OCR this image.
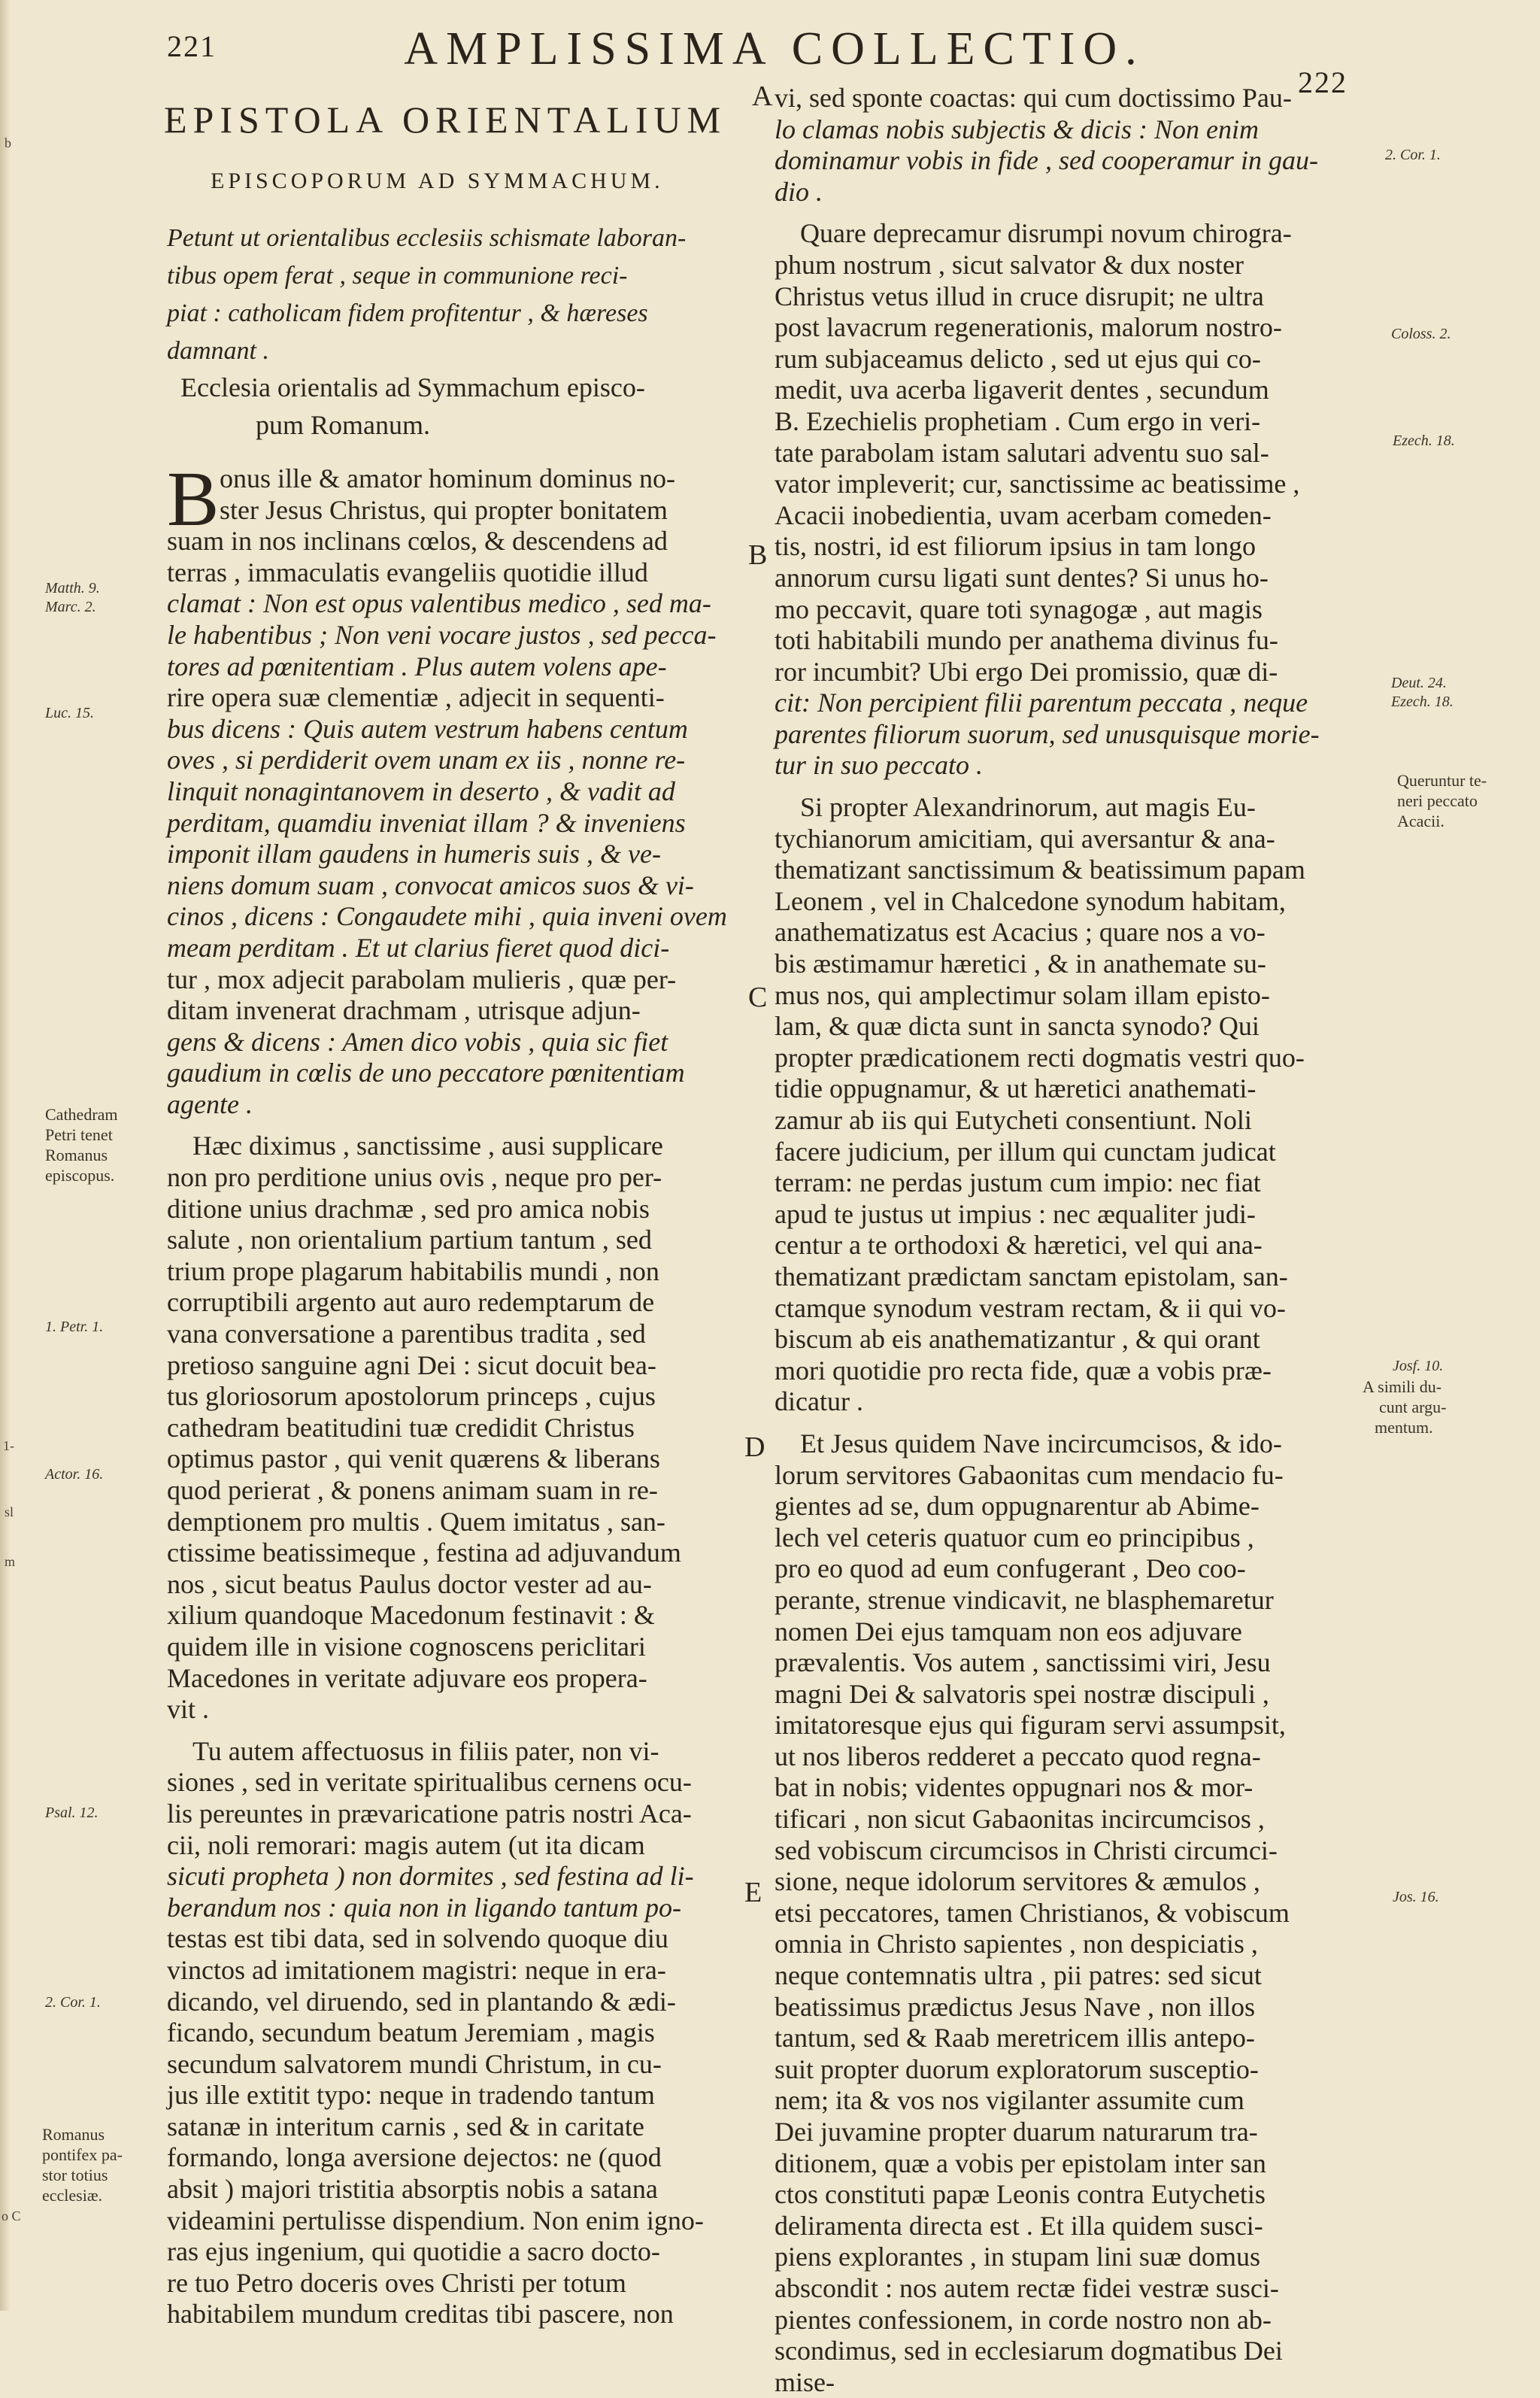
221	AMPLISSIMA COLLECTIO.
222
EPISTOLA ORIENTALIUM
EPISCOPORUM AD SYMMACHUM.

Petunt ut orientalibus ecclesiis schismate laboran-

tibus opem ferat , seque in communione reci-

piat : catholicam fidem profitentur , & hæreses

damnant .

Ecclesia orientalis ad Symmachum episco-

pum Romanum.

B onus ille & amator hominum dominus no-
ster Jesus Christus, qui propter bonitatem
suam in nos inclinans cœlos, & descendens ad
terras , immaculatis evangeliis quotidie illud
clamat : Non est opus valentibus medico , sed ma-
le habentibus ; Non veni vocare justos , sed pecca-
tores ad pœnitentiam . Plus autem volens ape-
rire opera suæ clementiæ , adjecit in sequenti-
bus dicens : Quis autem vestrum habens centum
oves , si perdiderit ovem unam ex iis , nonne re-
linquit nonagintanovem in deserto , & vadit ad
perditam, quamdiu inveniat illam ? & inveniens
imponit illam gaudens in humeris suis , & ve-
niens domum suam , convocat amicos suos & vi-
cinos , dicens : Congaudete mihi , quia inveni ovem
meam perditam . Et ut clarius fieret quod dici-
tur , mox adjecit parabolam mulieris , quæ per-
ditam invenerat drachmam , utrisque adjun-
gens & dicens : Amen dico vobis , quia sic fiet
gaudium in cœlis de uno peccatore pœnitentiam
agente .
Hæc diximus , sanctissime , ausi supplicare
non pro perditione unius ovis , neque pro per-
ditione unius drachmæ , sed pro amica nobis
salute , non orientalium partium tantum , sed
trium prope plagarum habitabilis mundi , non
corruptibili argento aut auro redemptarum de
vana conversatione a parentibus tradita , sed
pretioso sanguine agni Dei : sicut docuit bea-
tus gloriosorum apostolorum princeps , cujus
cathedram beatitudini tuæ credidit Christus
optimus pastor , qui venit quærens & liberans
quod perierat , & ponens animam suam in re-
demptionem pro multis . Quem imitatus , san-
ctissime beatissimeque , festina ad adjuvandum
nos , sicut beatus Paulus doctor vester ad au-
xilium quandoque Macedonum festinavit : &
quidem ille in visione cognoscens periclitari
Macedones in veritate adjuvare eos propera-
vit .
Tu autem affectuosus in filiis pater, non vi-
siones , sed in veritate spiritualibus cernens ocu-
lis pereuntes in prævaricatione patris nostri Aca-
cii, noli remorari: magis autem (ut ita dicam
sicuti propheta ) non dormites , sed festina ad li-
berandum nos : quia non in ligando tantum po-
testas est tibi data, sed in solvendo quoque diu
vinctos ad imitationem magistri: neque in era-
dicando, vel diruendo, sed in plantando & ædi-
ficando, secundum beatum Jeremiam , magis
secundum salvatorem mundi Christum, in cu-
jus ille extitit typo: neque in tradendo tantum
satanæ in interitum carnis , sed & in caritate
formando, longa aversione dejectos: ne (quod
absit ) majori tristitia absorptis nobis a satana
videamini pertulisse dispendium. Non enim igno-
ras ejus ingenium, qui quotidie a sacro docto-
re tuo Petro doceris oves Christi per totum
habitabilem mundum creditas tibi pascere, non
vi, sed sponte coactas: qui cum doctissimo Pau-
lo clamas nobis subjectis & dicis : Non enim
dominamur vobis in fide , sed cooperamur in gau-
dio .
Quare deprecamur disrumpi novum chirogra-
phum nostrum , sicut salvator & dux noster
Christus vetus illud in cruce disrupit; ne ultra
post lavacrum regenerationis, malorum nostro-
rum subjaceamus delicto , sed ut ejus qui co-
medit, uva acerba ligaverit dentes , secundum
B. Ezechielis prophetiam . Cum ergo in veri-
tate parabolam istam salutari adventu suo sal-
vator impleverit; cur, sanctissime ac beatissime ,
Acacii inobedientia, uvam acerbam comeden-
tis, nostri, id est filiorum ipsius in tam longo
annorum cursu ligati sunt dentes? Si unus ho-
mo peccavit, quare toti synagogæ , aut magis
toti habitabili mundo per anathema divinus fu-
ror incumbit? Ubi ergo Dei promissio, quæ di-
cit: Non percipient filii parentum peccata , neque
parentes filiorum suorum, sed unusquisque morie-
tur in suo peccato .
Si propter Alexandrinorum, aut magis Eu-
tychianorum amicitiam, qui aversantur & ana-
thematizant sanctissimum & beatissimum papam
Leonem , vel in Chalcedone synodum habitam,
anathematizatus est Acacius ; quare nos a vo-
bis æstimamur hæretici , & in anathemate su-
mus nos, qui amplectimur solam illam episto-
lam, & quæ dicta sunt in sancta synodo? Qui
propter prædicationem recti dogmatis vestri quo-
tidie oppugnamur, & ut hæretici anathemati-
zamur ab iis qui Eutycheti consentiunt. Noli
facere judicium, per illum qui cunctam judicat
terram: ne perdas justum cum impio: nec fiat
apud te justus ut impius : nec æqualiter judi-
centur a te orthodoxi & hæretici, vel qui ana-
thematizant prædictam sanctam epistolam, san-
ctamque synodum vestram rectam, & ii qui vo-
biscum ab eis anathematizantur , & qui orant
mori quotidie pro recta fide, quæ a vobis præ-
dicatur .
Et Jesus quidem Nave incircumcisos, & ido-
lorum servitores Gabaonitas cum mendacio fu-
gientes ad se, dum oppugnarentur ab Abime-
lech vel ceteris quatuor cum eo principibus ,
pro eo quod ad eum confugerant , Deo coo-
perante, strenue vindicavit, ne blasphemaretur
nomen Dei ejus tamquam non eos adjuvare
prævalentis. Vos autem , sanctissimi viri, Jesu
magni Dei & salvatoris spei nostræ discipuli ,
imitatoresque ejus qui figuram servi assumpsit,
ut nos liberos redderet a peccato quod regna-
bat in nobis; videntes oppugnari nos & mor-
tificari , non sicut Gabaonitas incircumcisos ,
sed vobiscum circumcisos in Christi circumci-
sione, neque idolorum servitores & æmulos ,
etsi peccatores, tamen Christianos, & vobiscum
omnia in Christo sapientes , non despiciatis ,
neque contemnatis ultra , pii patres: sed sicut
beatissimus prædictus Jesus Nave , non illos
tantum, sed & Raab meretricem illis antepo-
suit propter duorum exploratorum susceptio-
nem; ita & vos nos vigilanter assumite cum
Dei juvamine propter duarum naturarum tra-
ditionem, quæ a vobis per epistolam inter san
ctos constituti papæ Leonis contra Eutychetis
deliramenta directa est . Et illa quidem susci-
piens explorantes , in stupam lini suæ domus
abscondit : nos autem rectæ fidei vestræ susci-
pientes confessionem, in corde nostro non ab-
scondimus, sed in ecclesiarum dogmatibus Dei
mise-
A
B
C
D
E

Matth. 9.

Marc. 2.

Luc. 15.

Cathedram

Petri tenet

Romanus

episcopus.

1. Petr. 1.
Actor. 16.
Psal. 12.
2. Cor. 1.

Romanus

pontifex pa-

stor totius

ecclesiæ.

2. Cor. 1.
Coloss. 2.
Ezech. 18.

Deut. 24.

Ezech. 18.

Queruntur te-

neri peccato

Acacii.

Josf. 10.

A simili du-

cunt argu-

mentum.

Jos. 16.
b
sl
m
1-
o C
